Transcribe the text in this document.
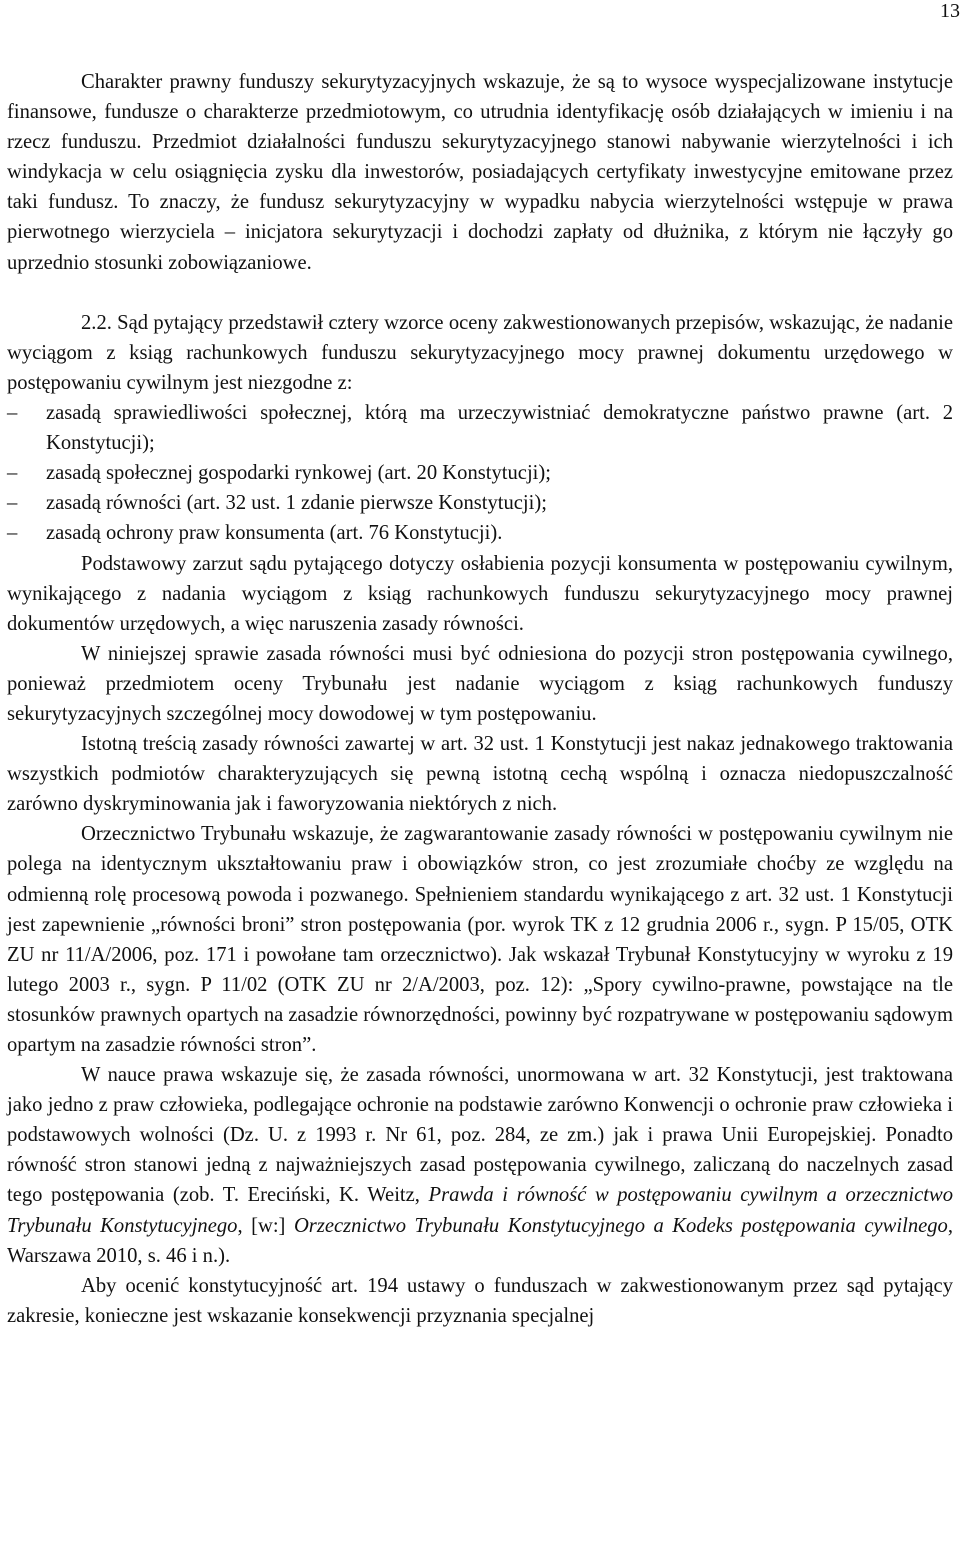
13

Charakter prawny funduszy sekurytyzacyjnych wskazuje, że są to wysoce wyspecjalizowane instytucje finansowe, fundusze o charakterze przedmiotowym, co utrudnia identyfikację osób działających w imieniu i na rzecz funduszu. Przedmiot działalności funduszu sekurytyzacyjnego stanowi nabywanie wierzytelności i ich windykacja w celu osiągnięcia zysku dla inwestorów, posiadających certyfikaty inwestycyjne emitowane przez taki fundusz. To znaczy, że fundusz sekurytyzacyjny w wypadku nabycia wierzytelności wstępuje w prawa pierwotnego wierzyciela – inicjatora sekurytyzacji i dochodzi zapłaty od dłużnika, z którym nie łączyły go uprzednio stosunki zobowiązaniowe.

2.2. Sąd pytający przedstawił cztery wzorce oceny zakwestionowanych przepisów, wskazując, że nadanie wyciągom z ksiąg rachunkowych funduszu sekurytyzacyjnego mocy prawnej dokumentu urzędowego w postępowaniu cywilnym jest niezgodne z:

– zasadą sprawiedliwości społecznej, którą ma urzeczywistniać demokratyczne państwo prawne (art. 2 Konstytucji);
– zasadą społecznej gospodarki rynkowej (art. 20 Konstytucji);
– zasadą równości (art. 32 ust. 1 zdanie pierwsze Konstytucji);
– zasadą ochrony praw konsumenta (art. 76 Konstytucji).

Podstawowy zarzut sądu pytającego dotyczy osłabienia pozycji konsumenta w postępowaniu cywilnym, wynikającego z nadania wyciągom z ksiąg rachunkowych funduszu sekurytyzacyjnego mocy prawnej dokumentów urzędowych, a więc naruszenia zasady równości.

W niniejszej sprawie zasada równości musi być odniesiona do pozycji stron postępowania cywilnego, ponieważ przedmiotem oceny Trybunału jest nadanie wyciągom z ksiąg rachunkowych funduszy sekurytyzacyjnych szczególnej mocy dowodowej w tym postępowaniu.

Istotną treścią zasady równości zawartej w art. 32 ust. 1 Konstytucji jest nakaz jednakowego traktowania wszystkich podmiotów charakteryzujących się pewną istotną cechą wspólną i oznacza niedopuszczalność zarówno dyskryminowania jak i faworyzowania niektórych z nich.

Orzecznictwo Trybunału wskazuje, że zagwarantowanie zasady równości w postępowaniu cywilnym nie polega na identycznym ukształtowaniu praw i obowiązków stron, co jest zrozumiałe choćby ze względu na odmienną rolę procesową powoda i pozwanego. Spełnieniem standardu wynikającego z art. 32 ust. 1 Konstytucji jest zapewnienie „równości broni” stron postępowania (por. wyrok TK z 12 grudnia 2006 r., sygn. P 15/05, OTK ZU nr 11/A/2006, poz. 171 i powołane tam orzecznictwo). Jak wskazał Trybunał Konstytucyjny w wyroku z 19 lutego 2003 r., sygn. P 11/02 (OTK ZU nr 2/A/2003, poz. 12): „Spory cywilno-prawne, powstające na tle stosunków prawnych opartych na zasadzie równorzędności, powinny być rozpatrywane w postępowaniu sądowym opartym na zasadzie równości stron”.

W nauce prawa wskazuje się, że zasada równości, unormowana w art. 32 Konstytucji, jest traktowana jako jedno z praw człowieka, podlegające ochronie na podstawie zarówno Konwencji o ochronie praw człowieka i podstawowych wolności (Dz. U. z 1993 r. Nr 61, poz. 284, ze zm.) jak i prawa Unii Europejskiej. Ponadto równość stron stanowi jedną z najważniejszych zasad postępowania cywilnego, zaliczaną do naczelnych zasad tego postępowania (zob. T. Ereciński, K. Weitz, Prawda i równość w postępowaniu cywilnym a orzecznictwo Trybunału Konstytucyjnego, [w:] Orzecznictwo Trybunału Konstytucyjnego a Kodeks postępowania cywilnego, Warszawa 2010, s. 46 i n.).

Aby ocenić konstytucyjność art. 194 ustawy o funduszach w zakwestionowanym przez sąd pytający zakresie, konieczne jest wskazanie konsekwencji przyznania specjalnej
